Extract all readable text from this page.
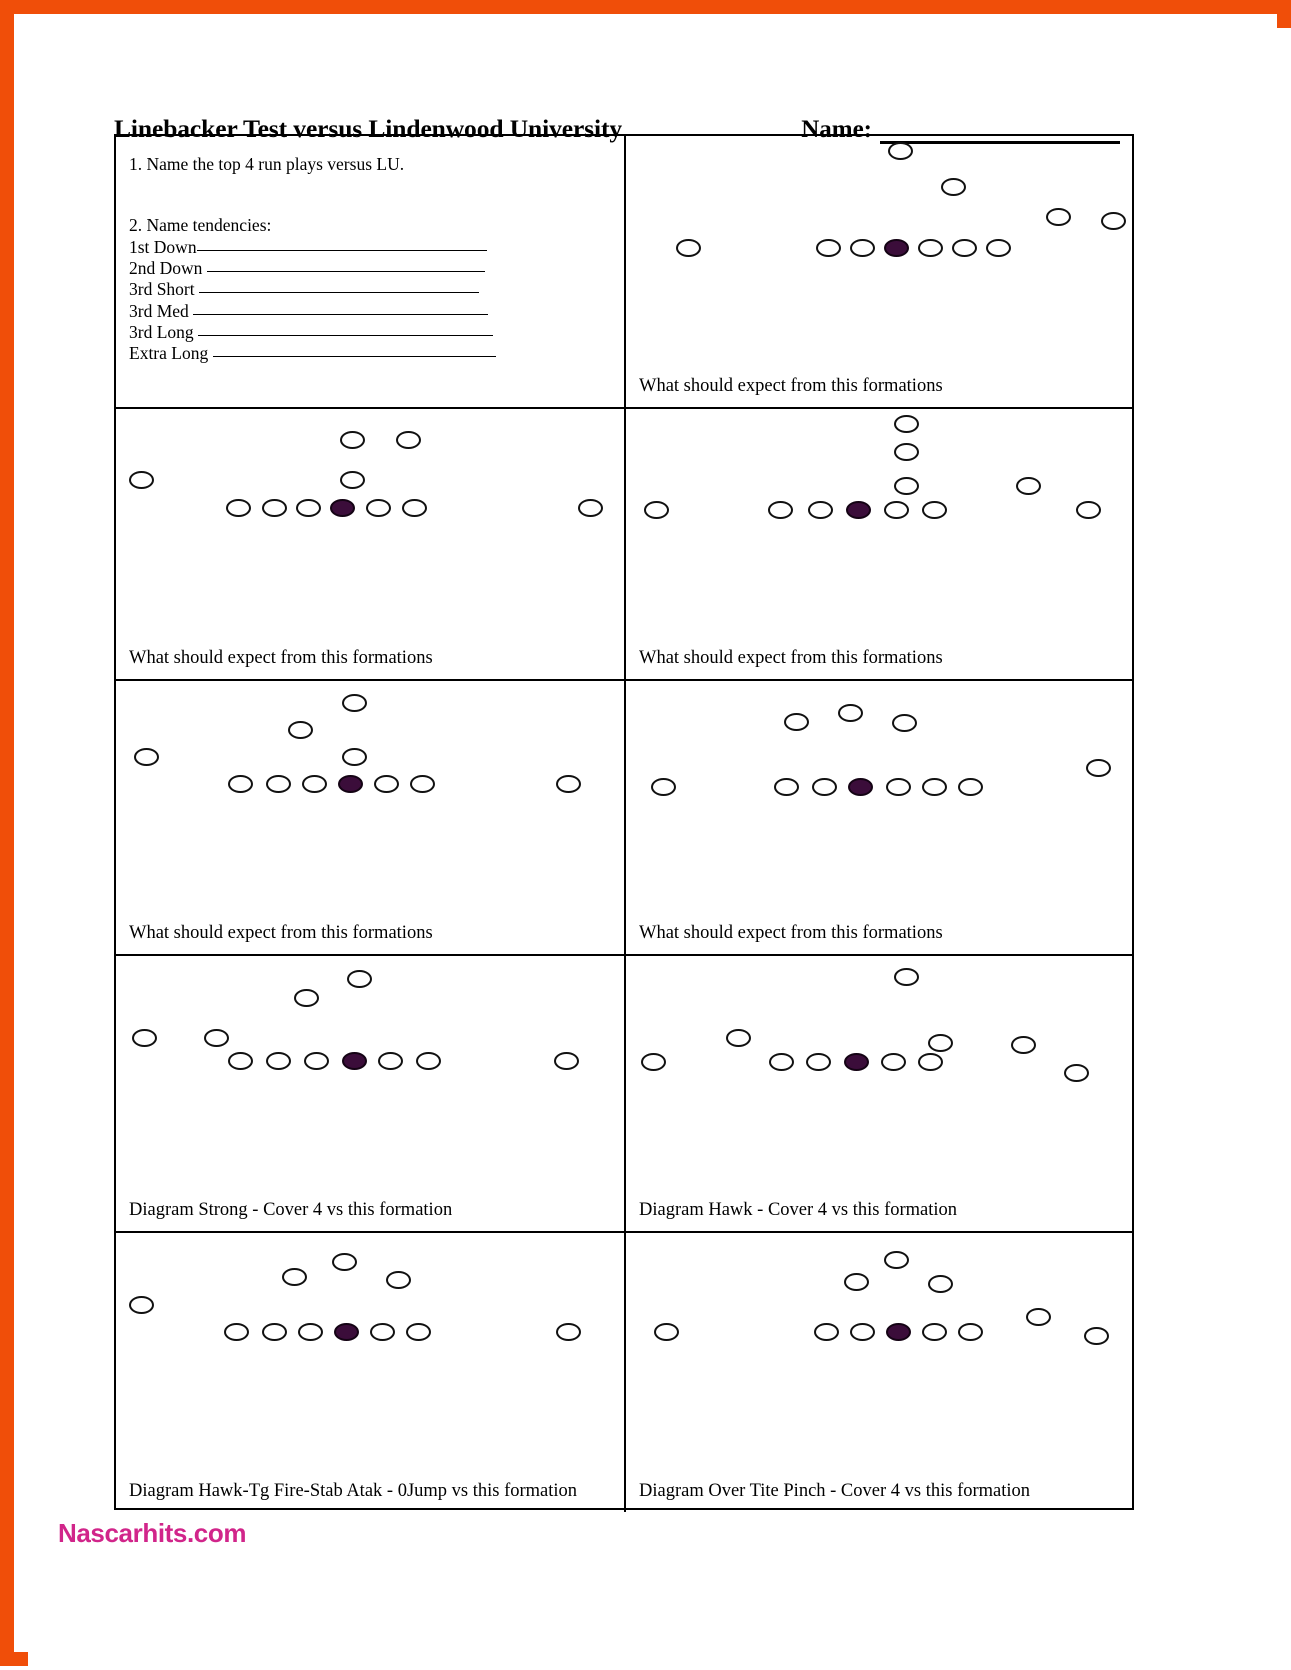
Linebacker Test versus Lindenwood University	Name:
1. Name the top 4 run plays versus LU.
2. Name tendencies:
1st Down
2nd Down
3rd Short
3rd Med
3rd Long
Extra Long
What should expect from this formations
What should expect from this formations	What should expect from this formations
What should expect from this formations	What should expect from this formations
Diagram Strong - Cover 4 vs this formation	Diagram Hawk - Cover 4 vs this formation
Diagram Hawk-Tg Fire-Stab Atak - 0Jump vs this formation	Diagram Over Tite Pinch - Cover 4 vs this formation
Nascarhits.com
